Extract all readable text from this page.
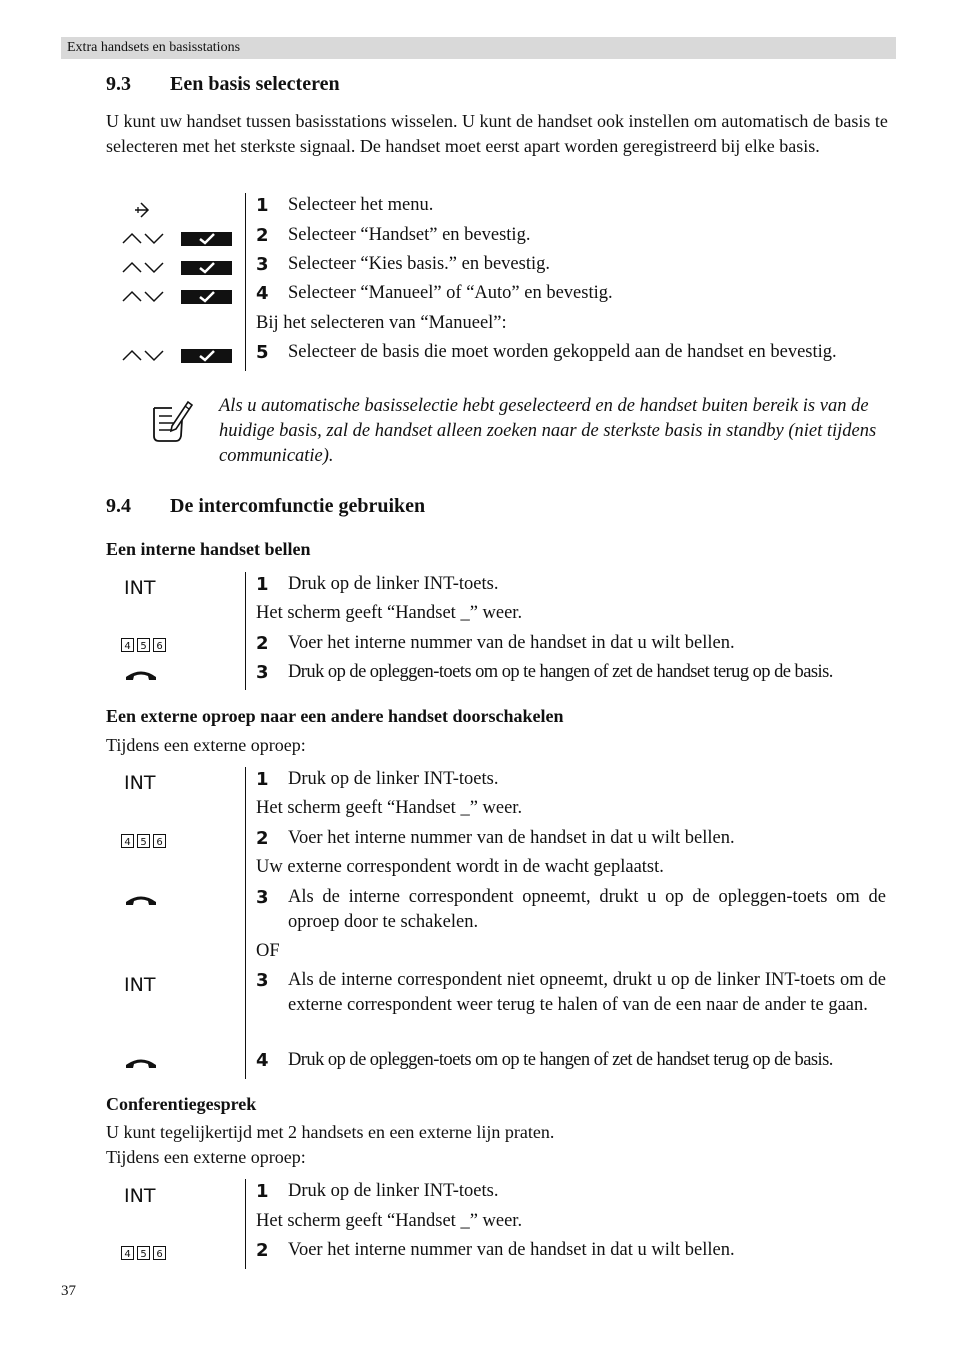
Extra handsets en basisstations
9.3 Een basis selecteren
U kunt uw handset tussen basisstations wisselen. U kunt de handset ook instellen om automatisch de basis te selecteren met het sterkste signaal. De handset moet eerst apart worden geregistreerd bij elke basis.
1 Selecteer het menu.
2 Selecteer “Handset” en bevestig.
3 Selecteer “Kies basis.” en bevestig.
4 Selecteer “Manueel” of “Auto” en bevestig.
Bij het selecteren van “Manueel”:
5 Selecteer de basis die moet worden gekoppeld aan de handset en bevestig.
Als u automatische basisselectie hebt geselecteerd en de handset buiten bereik is van de huidige basis, zal de handset alleen zoeken naar de sterkste basis in standby (niet tijdens communicatie).
9.4 De intercomfunctie gebruiken
Een interne handset bellen
INT
4 5 6
1 Druk op de linker INT-toets.
Het scherm geeft “Handset _” weer.
2 Voer het interne nummer van de handset in dat u wilt bellen.
3 Druk op de opleggen-toets om op te hangen of zet de handset terug op de basis.
Een externe oproep naar een andere handset doorschakelen
Tijdens een externe oproep:
INT
4 5 6
INT
1 Druk op de linker INT-toets.
Het scherm geeft “Handset _” weer.
2 Voer het interne nummer van de handset in dat u wilt bellen.
Uw externe correspondent wordt in de wacht geplaatst.
3 Als de interne correspondent opneemt, drukt u op de opleggen-toets om de oproep door te schakelen.
OF
3 Als de interne correspondent niet opneemt, drukt u op de linker INT-toets om de externe correspondent weer terug te halen of van de een naar de ander te gaan.
4 Druk op de opleggen-toets om op te hangen of zet de handset terug op de basis.
Conferentiegesprek
U kunt tegelijkertijd met 2 handsets en een externe lijn praten.
Tijdens een externe oproep:
INT
4 5 6
1 Druk op de linker INT-toets.
Het scherm geeft “Handset _” weer.
2 Voer het interne nummer van de handset in dat u wilt bellen.
37
